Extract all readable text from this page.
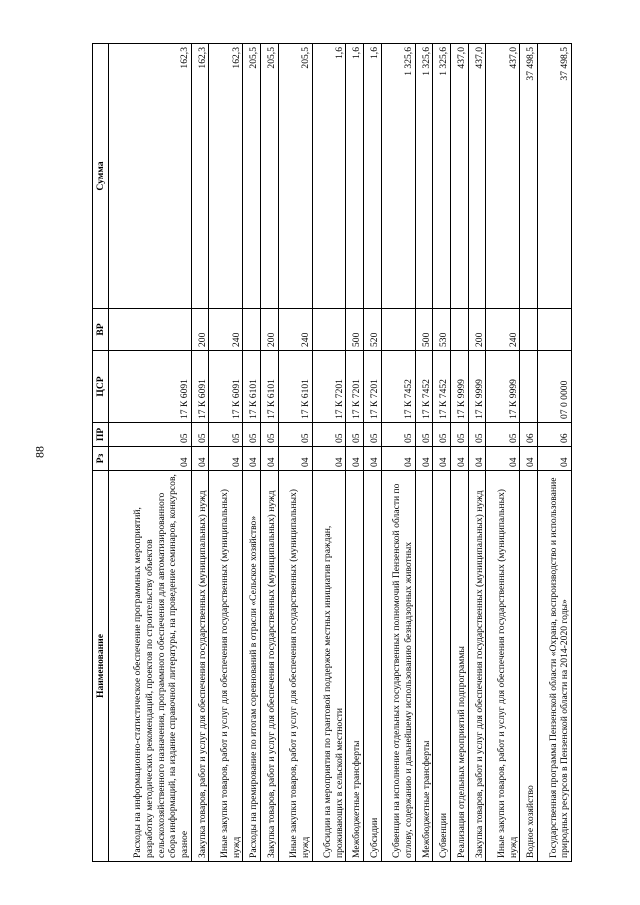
88
Наименование	Рз	ПР	ЦСР	ВР	Сумма
Расходы на информационно-статистическое обеспечение программных мероприятий, разработку методических рекомендаций, проектов по строительству объектов сельскохозяйственного назначения, программного обеспечения для автоматизированного сбора информаций, на издание справочной литературы, на проведение семинаров, конкурсов, разное	04	05	17 К 6091		162,3
Закупка товаров, работ и услуг для обеспечения государственных (муниципальных) нужд	04	05	17 К 6091	200	162,3
Иные закупки товаров, работ и услуг для обеспечения государственных (муниципальных) нужд	04	05	17 К 6091	240	162,3
Расходы на премирование по итогам соревнований в отрасли «Сельское хозяйство»	04	05	17 К 6101		205,5
Закупка товаров, работ и услуг для обеспечения государственных (муниципальных) нужд	04	05	17 К 6101	200	205,5
Иные закупки товаров, работ и услуг для обеспечения государственных (муниципальных) нужд	04	05	17 К 6101	240	205,5
Субсидии на мероприятия по грантовой поддержке местных инициатив граждан, проживающих в сельской местности	04	05	17 К 7201		1,6
Межбюджетные трансферты	04	05	17 К 7201	500	1,6
Субсидии	04	05	17 К 7201	520	1,6
Субвенции на исполнение отдельных государственных полномочий Пензенской области по отлову, содержанию и дальнейшему использованию безнадзорных животных	04	05	17 К 7452		1 325,6
Межбюджетные трансферты	04	05	17 К 7452	500	1 325,6
Субвенции	04	05	17 К 7452	530	1 325,6
Реализация отдельных мероприятий подпрограммы	04	05	17 К 9999		437,0
Закупка товаров, работ и услуг для обеспечения государственных (муниципальных) нужд	04	05	17 К 9999	200	437,0
Иные закупки товаров, работ и услуг для обеспечения государственных (муниципальных) нужд	04	05	17 К 9999	240	437,0
Водное хозяйство	04	06			37 498,5
Государственная программа Пензенской области «Охрана, воспроизводство и использование природных ресурсов в Пензенской области на 2014-2020 годы»	04	06	07 0 0000		37 498,5
